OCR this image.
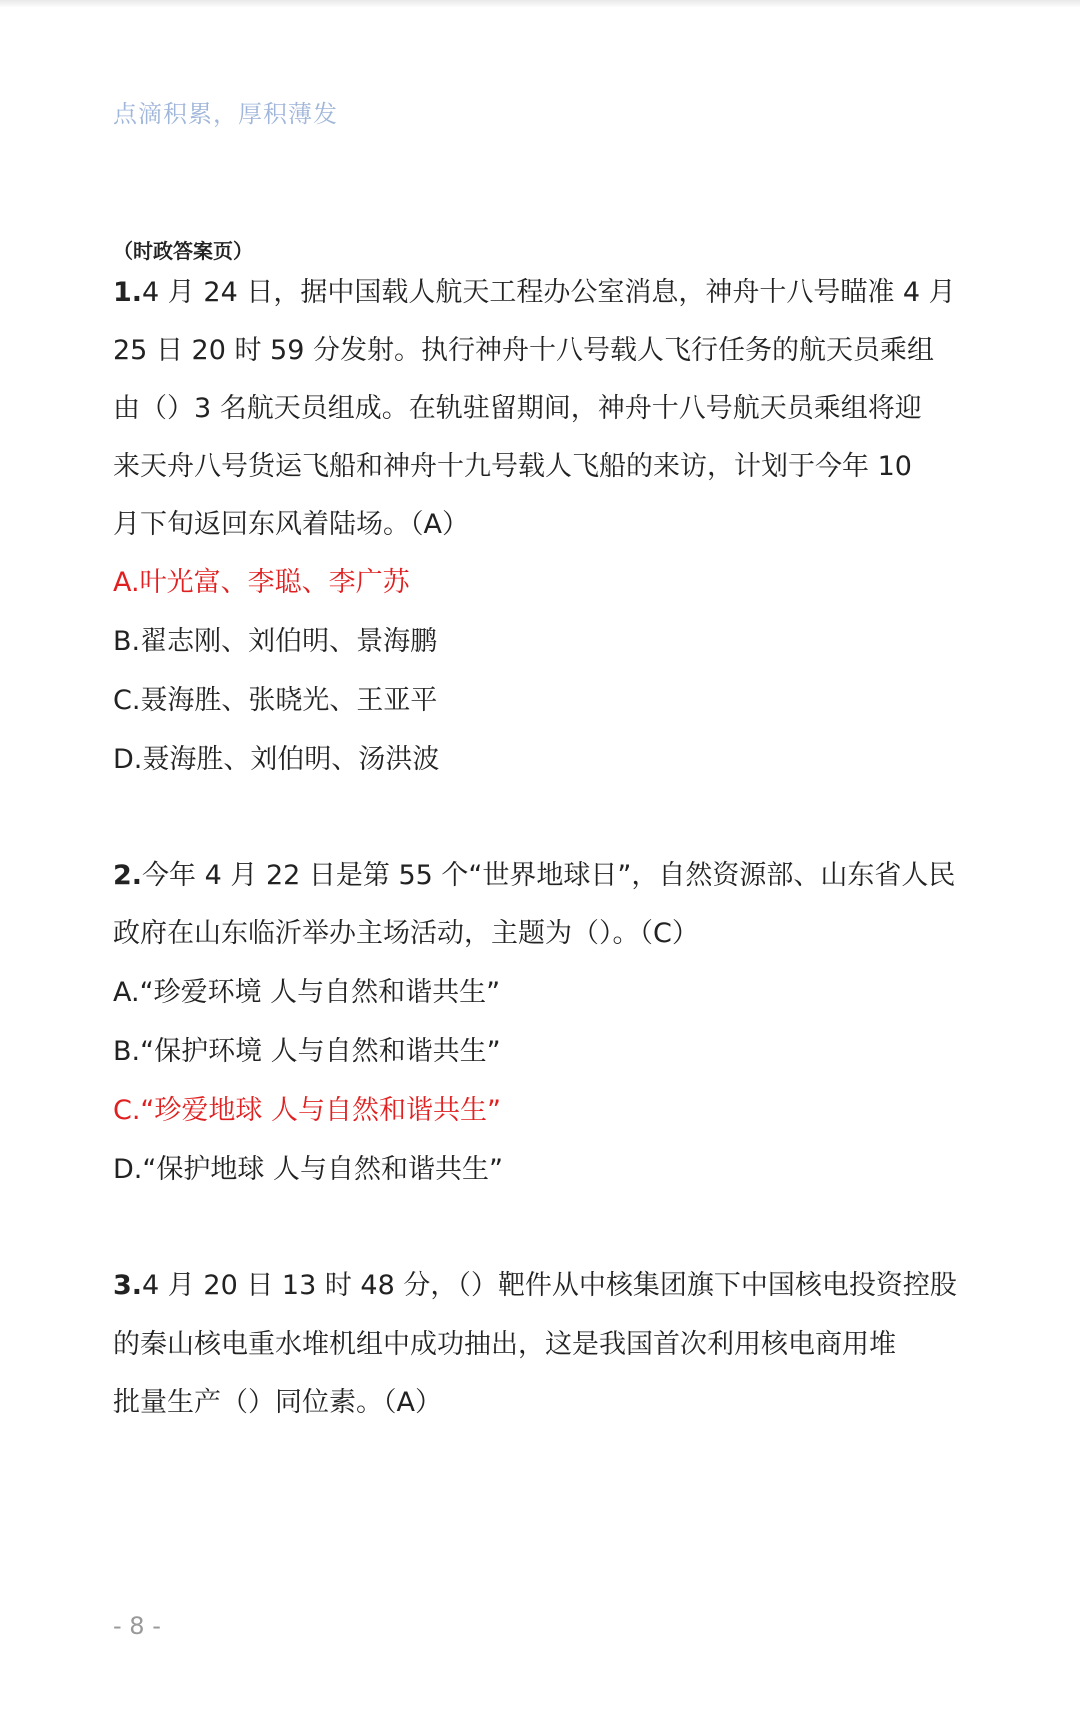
点滴积累，厚积薄发
（时政答案页）
1.4 月 24 日，据中国载人航天工程办公室消息，神舟十八号瞄准 4 月
25 日 20 时 59 分发射。执行神舟十八号载人飞行任务的航天员乘组
由（）3 名航天员组成。在轨驻留期间，神舟十八号航天员乘组将迎
来天舟八号货运飞船和神舟十九号载人飞船的来访，计划于今年 10
月下旬返回东风着陆场。（A）
A.叶光富、李聪、李广苏
B.翟志刚、刘伯明、景海鹏
C.聂海胜、张晓光、王亚平
D.聂海胜、刘伯明、汤洪波
2.今年 4 月 22 日是第 55 个“世界地球日”，自然资源部、山东省人民
政府在山东临沂举办主场活动，主题为（）。（C）
A.“珍爱环境 人与自然和谐共生”
B.“保护环境 人与自然和谐共生”
C.“珍爱地球 人与自然和谐共生”
D.“保护地球 人与自然和谐共生”
3.4 月 20 日 13 时 48 分，（）靶件从中核集团旗下中国核电投资控股
的秦山核电重水堆机组中成功抽出，这是我国首次利用核电商用堆
批量生产（）同位素。（A）
- 8 -
